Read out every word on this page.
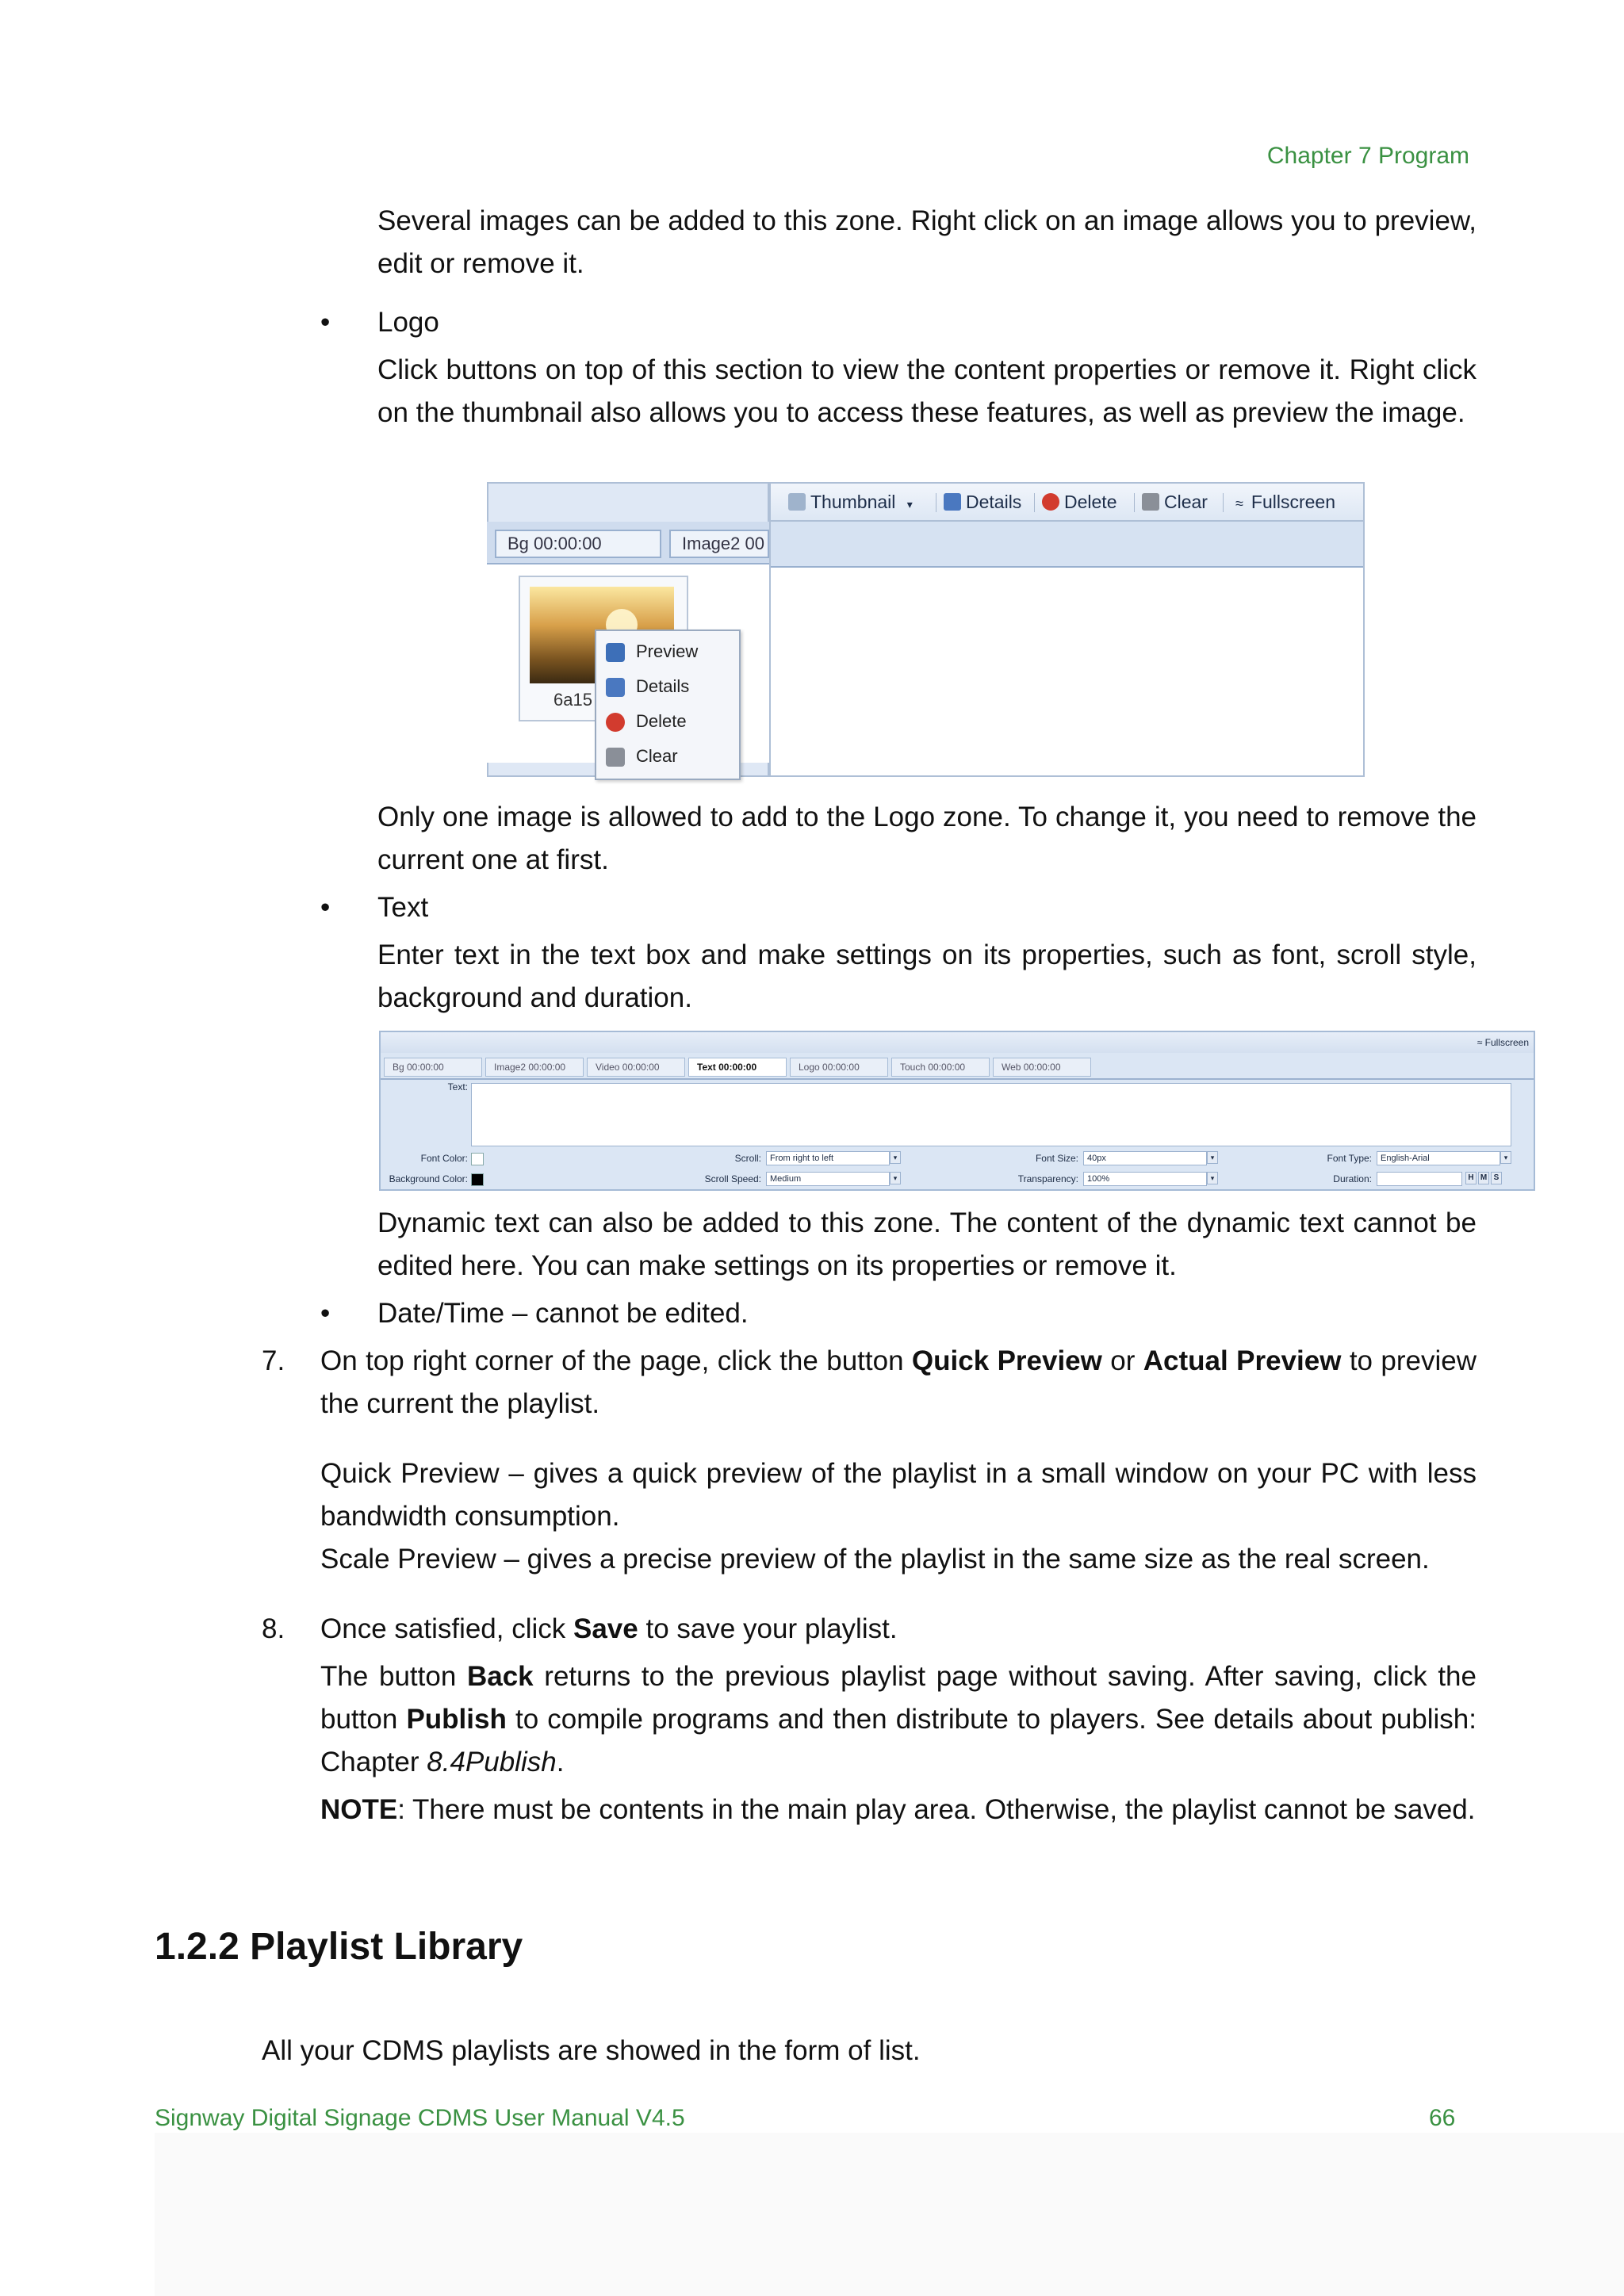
Chapter 7 Program
Several images can be added to this zone. Right click on an image allows you to preview, edit or remove it.
• Logo
Click buttons on top of this section to view the content properties or remove it. Right click on the thumbnail also allows you to access these features, as well as preview the image.
Bg 00:00:00	Image2 00
6a15
Thumbnail ▾	Details	Delete	Clear ≈ Fullscreen
Preview
Details
Delete
Clear
Only one image is allowed to add to the Logo zone. To change it, you need to remove the current one at first.
• Text
Enter text in the text box and make settings on its properties, such as font, scroll style, background and duration.
≈ Fullscreen
Bg 00:00:00	Image2 00:00:00	Video 00:00:00	Text 00:00:00	Logo 00:00:00	Touch 00:00:00	Web 00:00:00
Text:
Font Color:
Background Color:
Scroll:	From right to left	▾
Scroll Speed:	Medium	▾
Font Size:	40px	▾
Transparency:	100%	▾
Font Type:	English-Arial	▾
Duration:	H M S
Dynamic text can also be added to this zone. The content of the dynamic text cannot be edited here. You can make settings on its properties or remove it.
• Date/Time – cannot be edited.
7. On top right corner of the page, click the button Quick Preview or Actual Preview to preview the current the playlist.
Quick Preview – gives a quick preview of the playlist in a small window on your PC with less bandwidth consumption.
Scale Preview – gives a precise preview of the playlist in the same size as the real screen.
8. Once satisfied, click Save to save your playlist.
The button Back returns to the previous playlist page without saving. After saving, click the button Publish to compile programs and then distribute to players. See details about publish: Chapter 8.4Publish.
NOTE: There must be contents in the main play area. Otherwise, the playlist cannot be saved.
1.2.2 Playlist Library
All your CDMS playlists are showed in the form of list.
Signway Digital Signage CDMS User Manual V4.5	66
